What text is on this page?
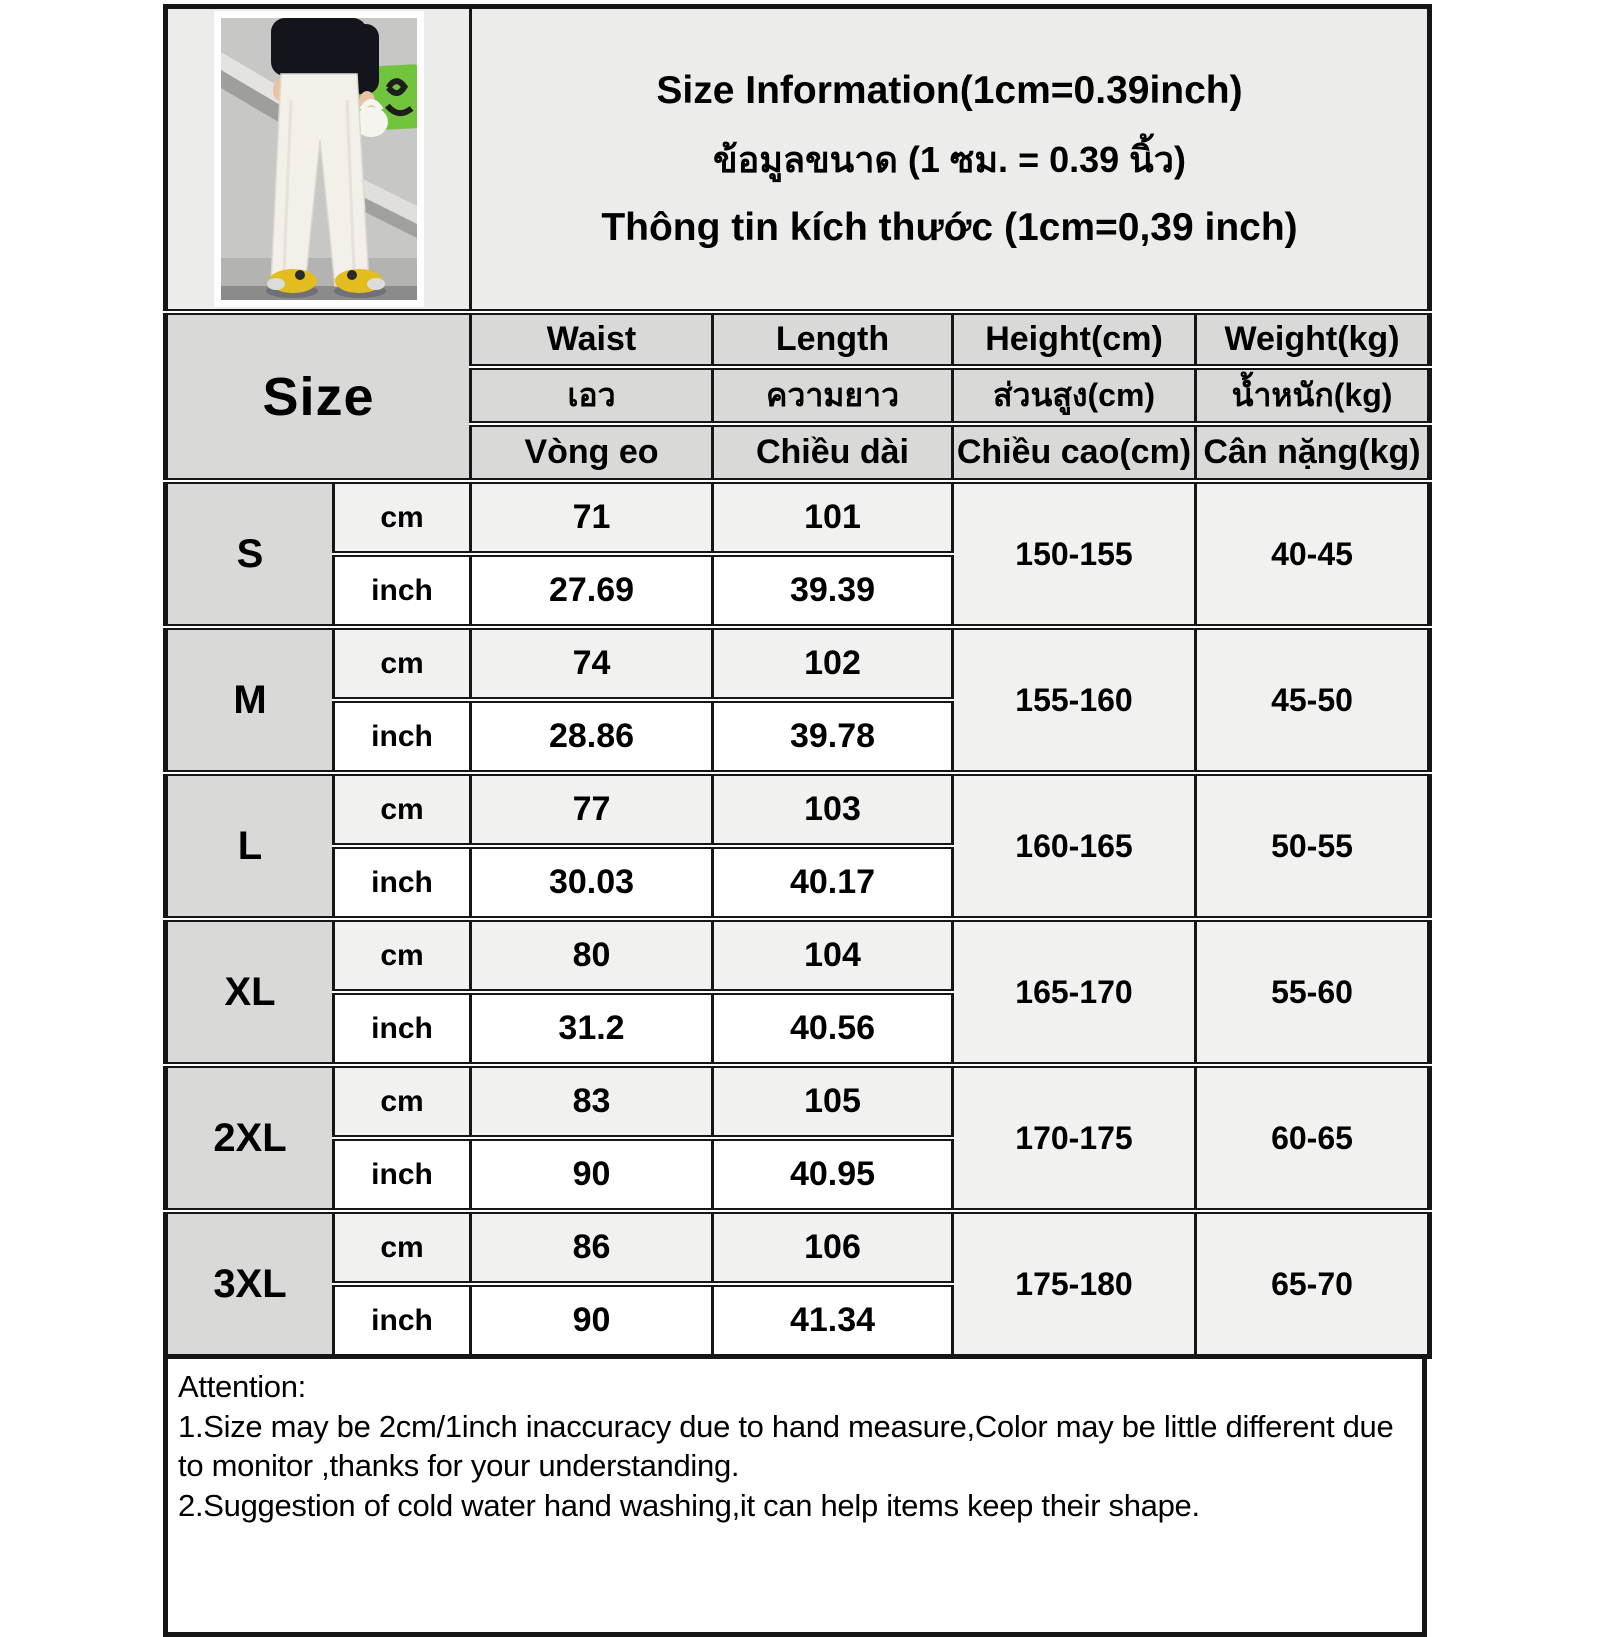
Size Information(1cm=0.39inch)
ข้อมูลขนาด (1 ซม. = 0.39 นิ้ว)
Thông tin kích thước (1cm=0,39 inch)			

Size		Waist	Length	Height(cm)	Weight(kg)
		เอว	ความยาว	ส่วนสูง(cm)	น้ำหนัก(kg)
		Vòng eo	Chiều dài	Chiều cao(cm)	Cân nặng(kg)
S	cm	71	101	150-155	40-45
	inch	27.69	39.39		
M	cm	74	102	155-160	45-50
	inch	28.86	39.78		
L	cm	77	103	160-165	50-55
	inch	30.03	40.17		
XL	cm	80	104	165-170	55-60
	inch	31.2	40.56		
2XL	cm	83	105	170-175	60-65
	inch	90	40.95		
3XL	cm	86	106	175-180	65-70
	inch	90	41.34		

Attention:

1.Size may be 2cm/1inch inaccuracy due to hand measure,Color may be little different due to monitor ,thanks for your understanding.

2.Suggestion of cold water hand washing,it can help items keep their shape.
